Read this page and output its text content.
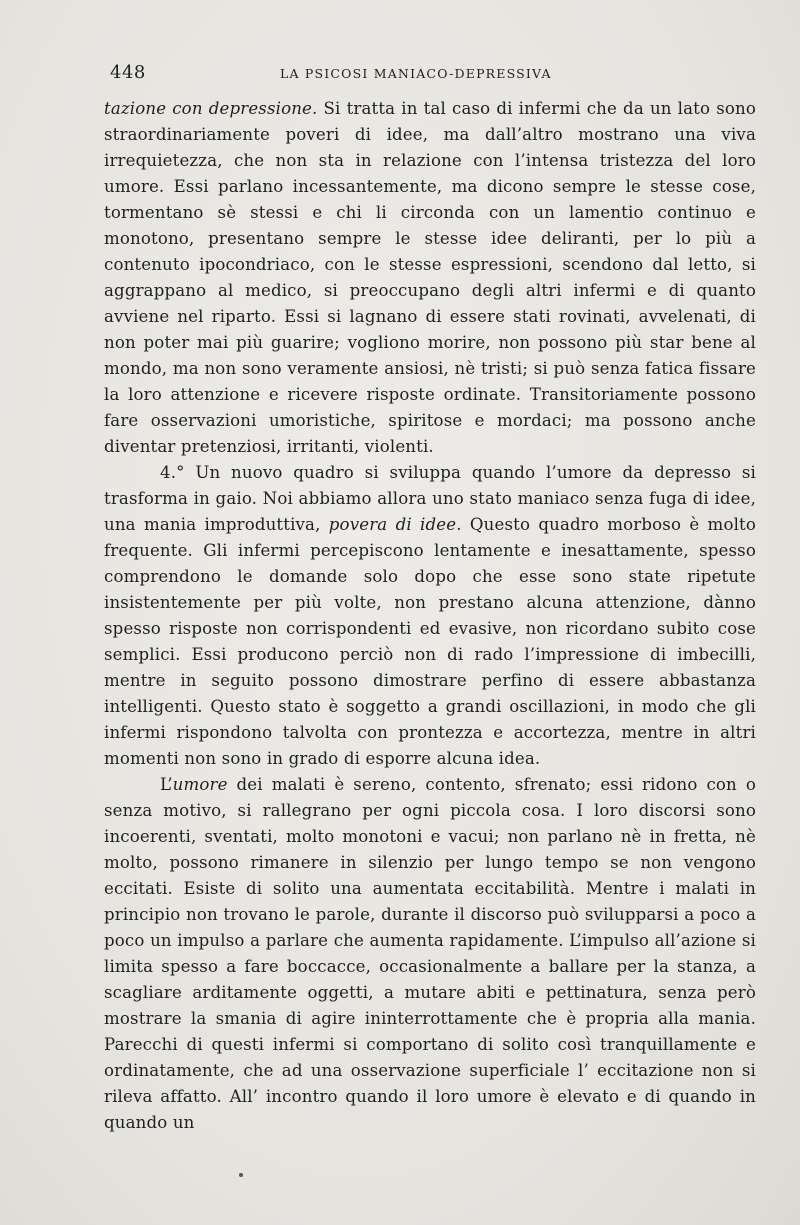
448	LA PSICOSI MANIACO-DEPRESSIVA

tazione con depressione. Si tratta in tal caso di infermi che da un lato sono straordinariamente poveri di idee, ma dall’altro mostrano una viva irrequietezza, che non sta in relazione con l’intensa tristezza del loro umore. Essi parlano incessantemente, ma dicono sempre le stesse cose, tormentano sè stessi e chi li circonda con un lamentio continuo e monotono, presentano sempre le stesse idee deliranti, per lo più a contenuto ipocondriaco, con le stesse espressioni, scendono dal letto, si aggrappano al medico, si preoccupano degli altri infermi e di quanto avviene nel riparto. Essi si lagnano di essere stati rovinati, avvelenati, di non poter mai più guarire; vogliono morire, non possono più star bene al mondo, ma non sono veramente ansiosi, nè tristi; si può senza fatica fissare la loro attenzione e ricevere risposte ordinate. Transitoriamente possono fare osservazioni umoristiche, spiritose e mordaci; ma possono anche diventar pretenziosi, irritanti, violenti.

4.° Un nuovo quadro si sviluppa quando l’umore da depresso si trasforma in gaio. Noi abbiamo allora uno stato maniaco senza fuga di idee, una mania improduttiva, povera di idee. Questo quadro morboso è molto frequente. Gli infermi percepiscono lentamente e inesattamente, spesso comprendono le domande solo dopo che esse sono state ripetute insistentemente per più volte, non prestano alcuna attenzione, dànno spesso risposte non corrispondenti ed evasive, non ricordano subito cose semplici. Essi producono perciò non di rado l’impressione di imbecilli, mentre in seguito possono dimostrare perfino di essere abbastanza intelligenti. Questo stato è soggetto a grandi oscillazioni, in modo che gli infermi rispondono talvolta con prontezza e accortezza, mentre in altri momenti non sono in grado di esporre alcuna idea.

L’umore dei malati è sereno, contento, sfrenato; essi ridono con o senza motivo, si rallegrano per ogni piccola cosa. I loro discorsi sono incoerenti, sventati, molto monotoni e vacui; non parlano nè in fretta, nè molto, possono rimanere in silenzio per lungo tempo se non vengono eccitati. Esiste di solito una aumentata eccitabilità. Mentre i malati in principio non trovano le parole, durante il discorso può svilupparsi a poco a poco un impulso a parlare che aumenta rapidamente. L’impulso all’azione si limita spesso a fare boccacce, occasionalmente a ballare per la stanza, a scagliare arditamente oggetti, a mutare abiti e pettinatura, senza però mostrare la smania di agire ininterrottamente che è propria alla mania. Parecchi di questi infermi si comportano di solito così tranquillamente e ordinatamente, che ad una osservazione superficiale l’ eccitazione non si rileva affatto. All’ incontro quando il loro umore è elevato e di quando in quando un
